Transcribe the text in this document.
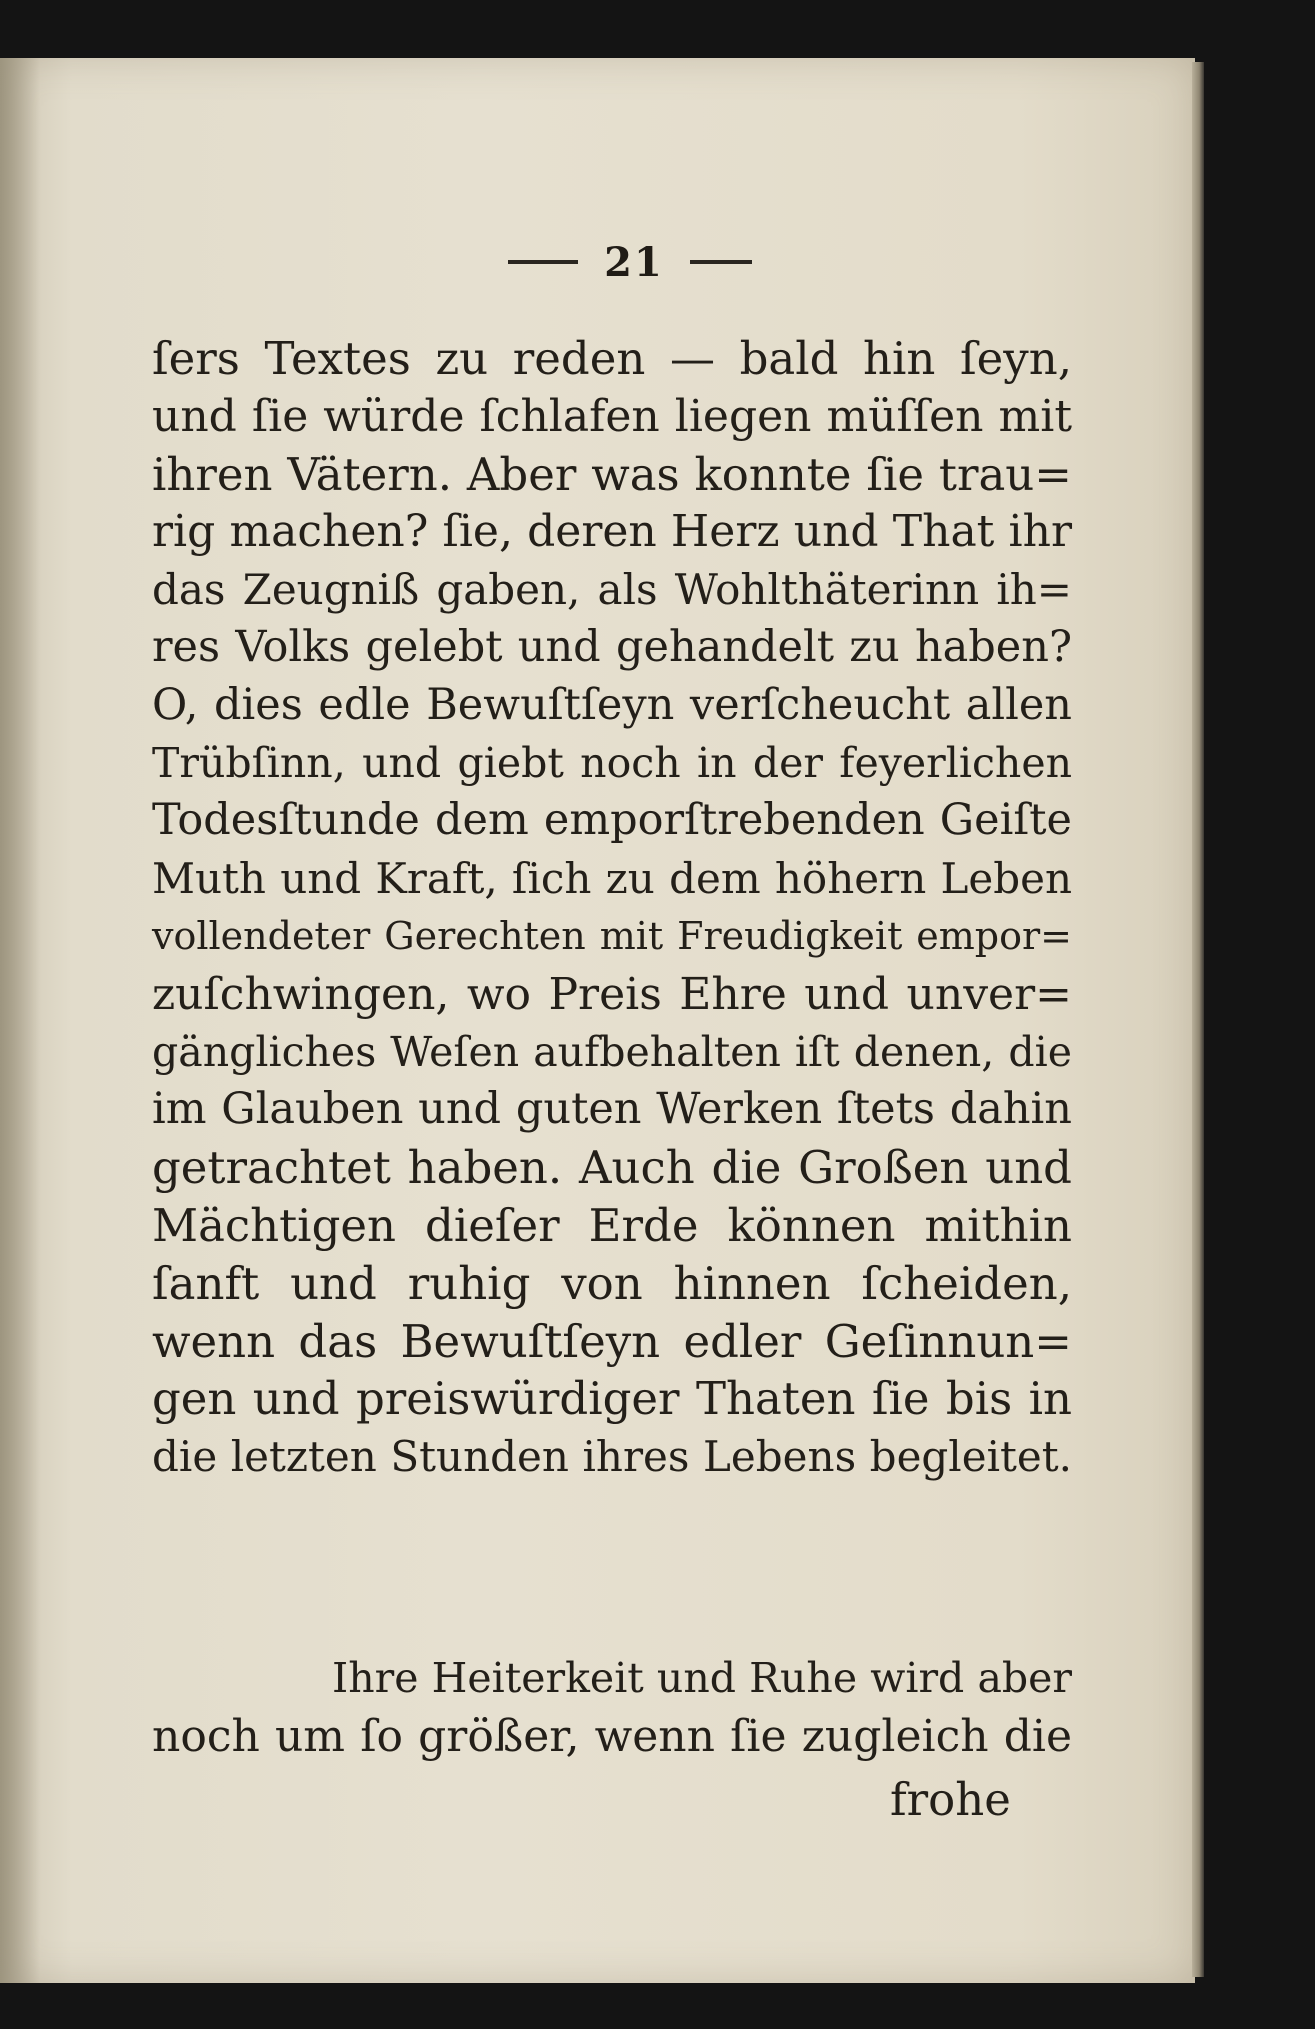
21
ſers Textes zu reden — bald hin ſeyn,
und ſie würde ſchlafen liegen müſſen mit
ihren Vätern. Aber was konnte ſie trau=
rig machen? ſie, deren Herz und That ihr
das Zeugniß gaben, als Wohlthäterinn ih=
res Volks gelebt und gehandelt zu haben?
O, dies edle Bewuſtſeyn verſcheucht allen
Trübſinn, und giebt noch in der feyerlichen
Todesſtunde dem emporſtrebenden Geiſte
Muth und Kraft, ſich zu dem höhern Leben
vollendeter Gerechten mit Freudigkeit empor=
zuſchwingen, wo Preis Ehre und unver=
gängliches Weſen aufbehalten iſt denen, die
im Glauben und guten Werken ſtets dahin
getrachtet haben. Auch die Großen und
Mächtigen dieſer Erde können mithin
ſanft und ruhig von hinnen ſcheiden,
wenn das Bewuſtſeyn edler Geſinnun=
gen und preiswürdiger Thaten ſie bis in
die letzten Stunden ihres Lebens begleitet.
Ihre Heiterkeit und Ruhe wird aber
noch um ſo größer, wenn ſie zugleich die
frohe
